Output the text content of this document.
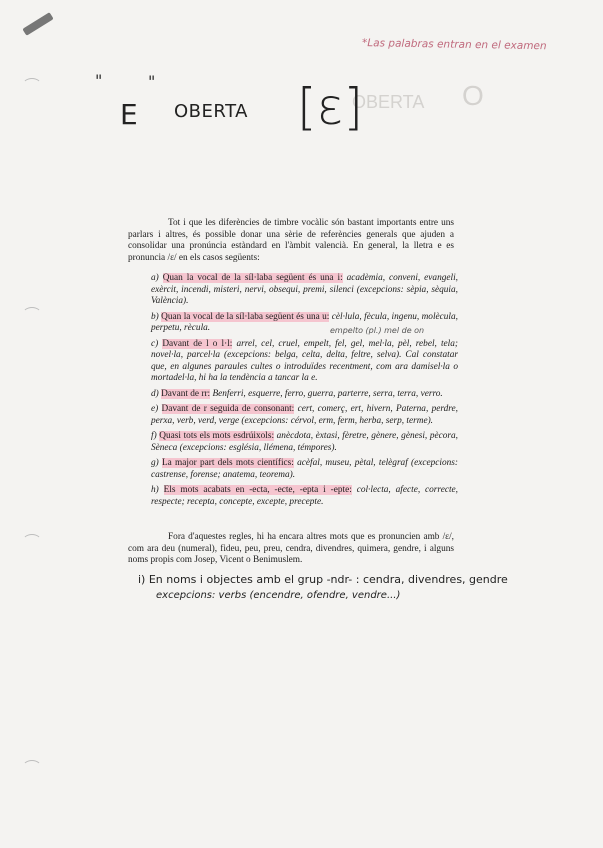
OBERTA O
*Las palabras entran en el examen
"	"
E OBERTA [ɛ]

Tot i que les diferències de timbre vocàlic són bastant importants entre uns parlars i altres, és possible donar una sèrie de referències generals que ajuden a consolidar una pronúncia estàndard en l'àmbit valencià. En general, la lletra e es pronuncia /ɛ/ en els casos següents:

a) Quan la vocal de la síl·laba següent és una i: acadèmia, conveni, evangeli, exèrcit, incendi, misteri, nervi, obsequi, premi, silenci (excepcions: sèpia, sèquia, València).
b) Quan la vocal de la síl·laba següent és una u: cèl·lula, fècula, ingenu, molècula, perpetu, rècula.
c) Davant de l o l·l: arrel, cel, cruel, empelt, fel, gel, mel·la, pèl, rebel, tela; novel·la, parcel·la (excepcions: belga, celta, delta, feltre, selva). Cal constatar que, en algunes paraules cultes o introduïdes recentment, com ara damisel·la o mortadel·la, hi ha la tendència a tancar la e.
d) Davant de rr: Benferri, esquerre, ferro, guerra, parterre, serra, terra, verro.
e) Davant de r seguida de consonant: cert, comerç, ert, hivern, Paterna, perdre, perxa, verb, verd, verge (excepcions: cérvol, erm, ferm, herba, serp, terme).
f) Quasi tots els mots esdrúixols: anècdota, èxtasi, fèretre, gènere, gènesi, pècora, Sèneca (excepcions: església, llémena, témpores).
g) La major part dels mots científics: acèfal, museu, pètal, telègraf (excepcions: castrense, forense; anatema, teorema).
h) Els mots acabats en -ecta, -ecte, -epta i -epte: col·lecta, afecte, correcte, respecte; recepta, concepte, excepte, precepte.
empelto (pl.) mel de on

Fora d'aquestes regles, hi ha encara altres mots que es pronuncien amb /ɛ/, com ara deu (numeral), fideu, peu, preu, cendra, divendres, quimera, gendre, i alguns noms propis com Josep, Vicent o Benimuslem.

i) En noms i objectes amb el grup -ndr- : cendra, divendres, gendre
excepcions: verbs (encendre, ofendre, vendre...)
